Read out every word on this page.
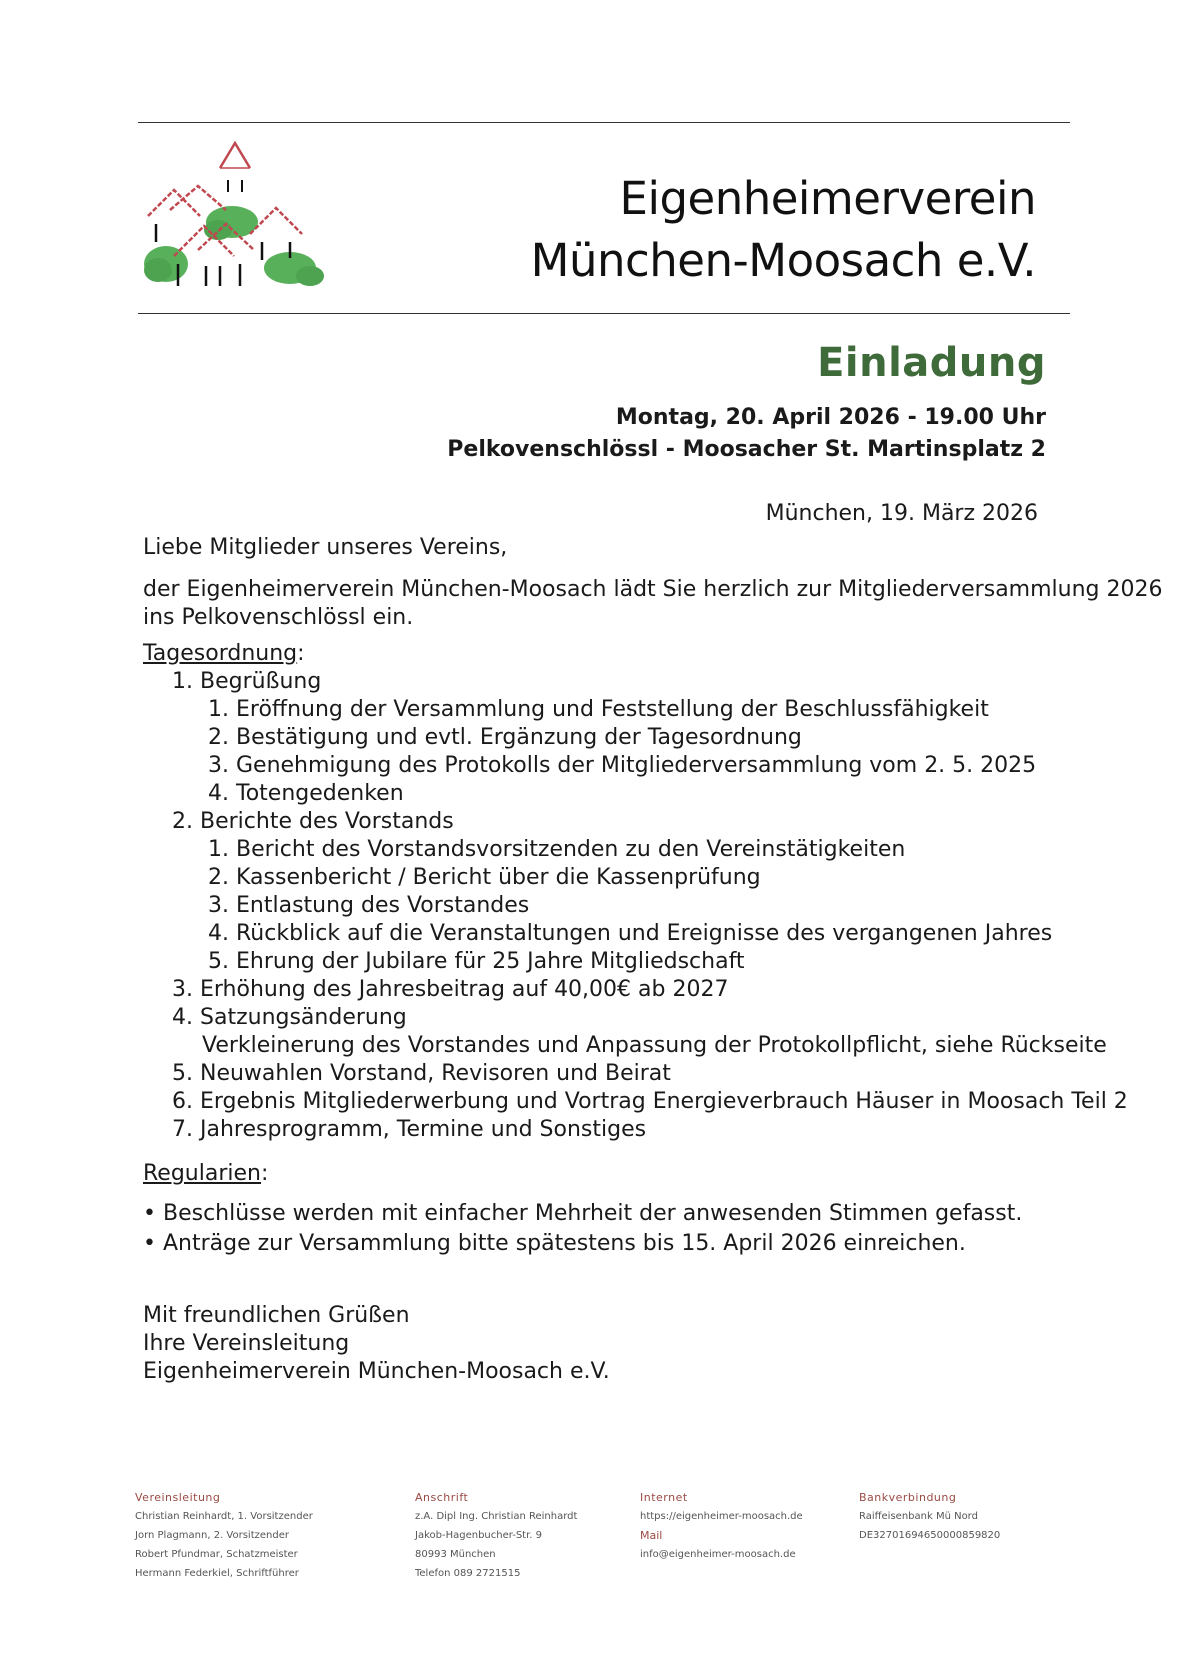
Eigenheimerverein
München-Moosach e.V.
Einladung
Montag, 20. April 2026 - 19.00 Uhr
Pelkovenschlössl - Moosacher St. Martinsplatz 2
München, 19. März 2026
Liebe Mitglieder unseres Vereins,
der Eigenheimerverein München-Moosach lädt Sie herzlich zur Mitgliederversammlung 2026
ins Pelkovenschlössl ein.
Tagesordnung:
1. Begrüßung
1. Eröffnung der Versammlung und Feststellung der Beschlussfähigkeit
2. Bestätigung und evtl. Ergänzung der Tagesordnung
3. Genehmigung des Protokolls der Mitgliederversammlung vom 2. 5. 2025
4. Totengedenken
2. Berichte des Vorstands
1. Bericht des Vorstandsvorsitzenden zu den Vereinstätigkeiten
2. Kassenbericht / Bericht über die Kassenprüfung
3. Entlastung des Vorstandes
4. Rückblick auf die Veranstaltungen und Ereignisse des vergangenen Jahres
5. Ehrung der Jubilare für 25 Jahre Mitgliedschaft
3. Erhöhung des Jahresbeitrag auf 40,00€ ab 2027
4. Satzungsänderung
Verkleinerung des Vorstandes und Anpassung der Protokollpflicht, siehe Rückseite
5. Neuwahlen Vorstand, Revisoren und Beirat
6. Ergebnis Mitgliederwerbung und Vortrag Energieverbrauch Häuser in Moosach Teil 2
7. Jahresprogramm, Termine und Sonstiges
Regularien:
• Beschlüsse werden mit einfacher Mehrheit der anwesenden Stimmen gefasst.
• Anträge zur Versammlung bitte spätestens bis 15. April 2026 einreichen.
Mit freundlichen Grüßen
Ihre Vereinsleitung
Eigenheimerverein München-Moosach e.V.
Vereinsleitung
Christian Reinhardt, 1. Vorsitzender
Jorn Plagmann, 2. Vorsitzender
Robert Pfundmar, Schatzmeister
Hermann Federkiel, Schriftführer
Anschrift
z.A. Dipl Ing. Christian Reinhardt
Jakob-Hagenbucher-Str. 9
80993 München
Telefon 089 2721515
Internet
https://eigenheimer-moosach.de
Mail
info@eigenheimer-moosach.de
Bankverbindung
Raiffeisenbank Mü Nord
DE32701694650000859820
